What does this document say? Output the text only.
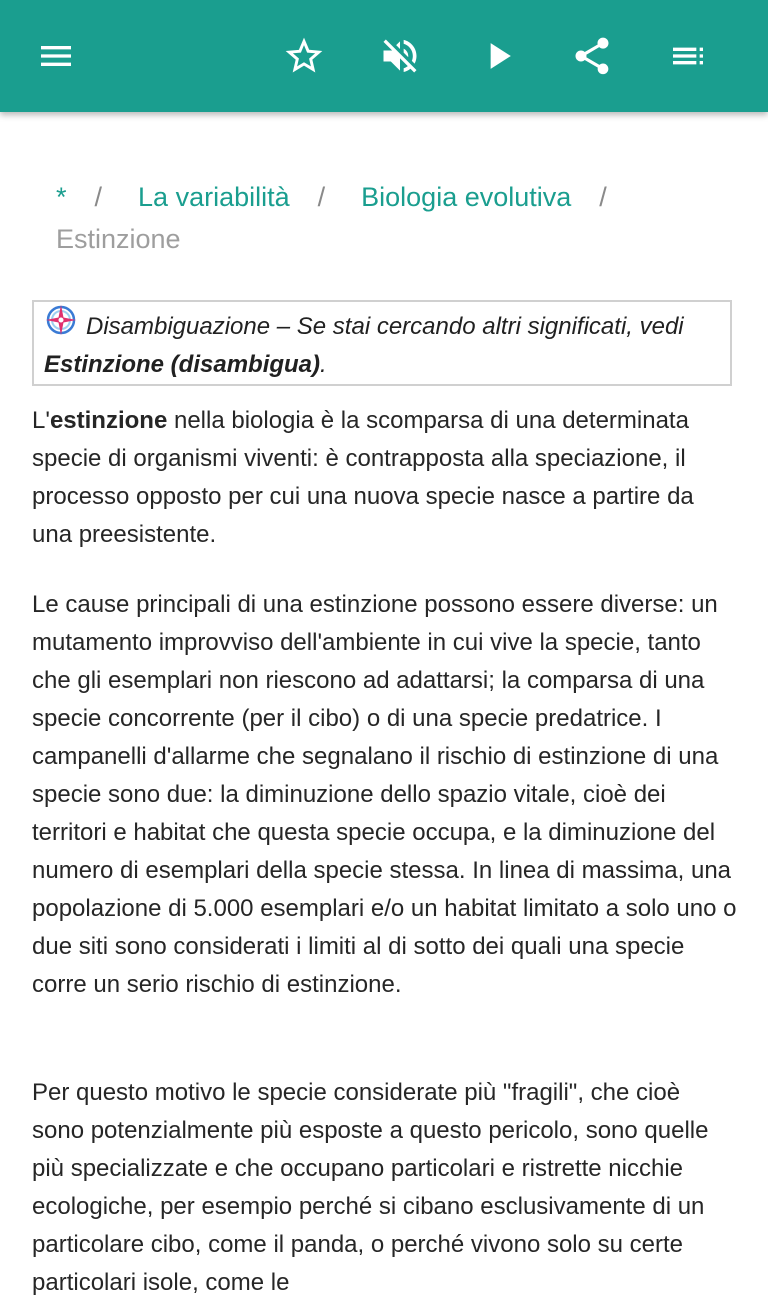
* / La variabilità / Biologia evolutiva /
Estinzione
Disambiguazione – Se stai cercando altri significati, vedi
Estinzione (disambigua).
L'estinzione nella biologia è la scomparsa di una determinata specie di organismi viventi: è contrapposta alla speciazione, il processo opposto per cui una nuova specie nasce a partire da una preesistente.
Le cause principali di una estinzione possono essere diverse: un mutamento improvviso dell'ambiente in cui vive la specie, tanto che gli esemplari non riescono ad adattarsi; la comparsa di una specie concorrente (per il cibo) o di una specie predatrice. I campanelli d'allarme che segnalano il rischio di estinzione di una specie sono due: la diminuzione dello spazio vitale, cioè dei territori e habitat che questa specie occupa, e la diminuzione del numero di esemplari della specie stessa. In linea di massima, una popolazione di 5.000 esemplari e/o un habitat limitato a solo uno o due siti sono considerati i limiti al di sotto dei quali una specie corre un serio rischio di estinzione.
Per questo motivo le specie considerate più "fragili", che cioè sono potenzialmente più esposte a questo pericolo, sono quelle più specializzate e che occupano particolari e ristrette nicchie ecologiche, per esempio perché si cibano esclusivamente di un particolare cibo, come il panda, o perché vivono solo su certe particolari isole, come le
